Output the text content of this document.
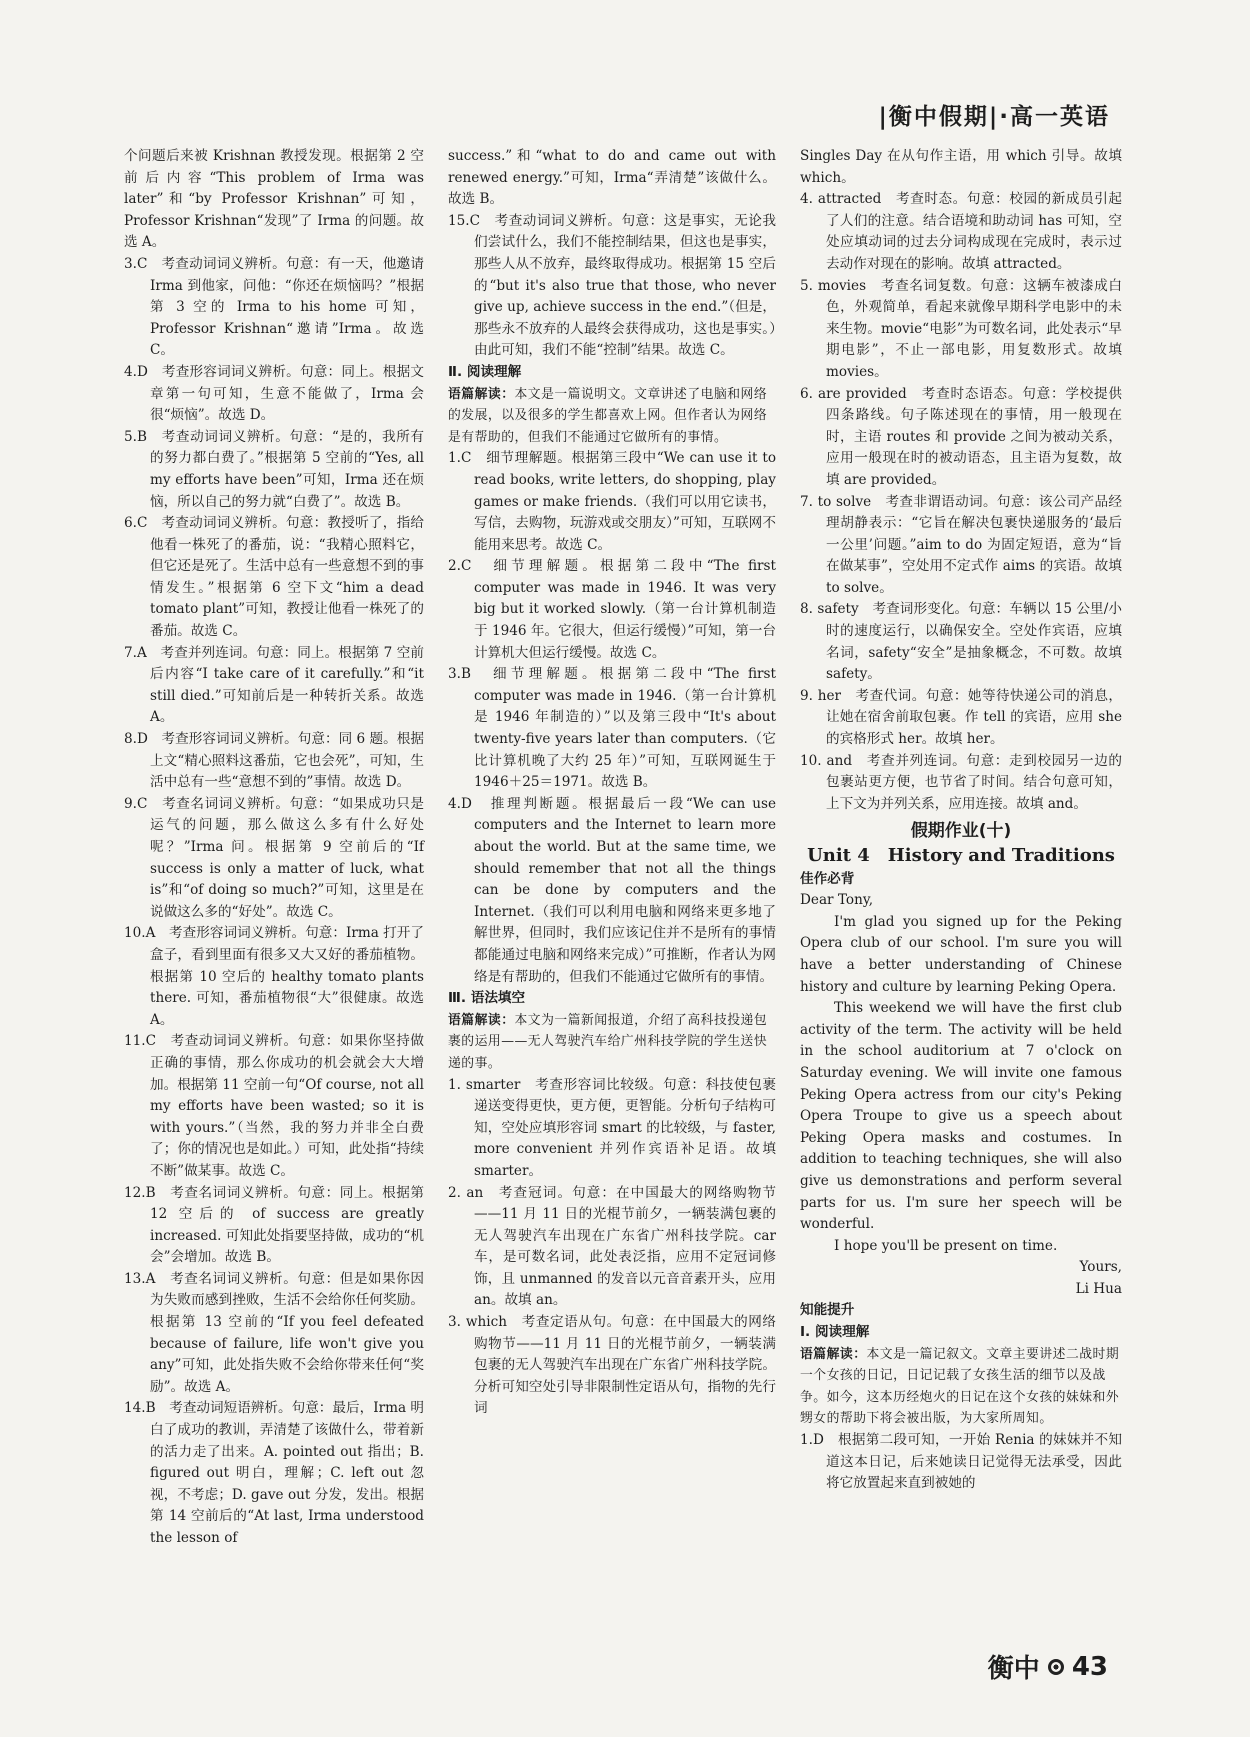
|衡中假期|·高一英语
个问题后来被 Krishnan 教授发现。根据第 2 空前后内容“This problem of Irma was later”和“by Professor Krishnan”可知，Professor Krishnan“发现”了 Irma 的问题。故选 A。
3.C　考查动词词义辨析。句意：有一天，他邀请 Irma 到他家，问他：“你还在烦恼吗？”根据第 3 空的 Irma to his home 可知，Professor Krishnan“邀请”Irma。故选 C。
4.D　考查形容词词义辨析。句意：同上。根据文章第一句可知，生意不能做了，Irma 会很“烦恼”。故选 D。
5.B　考查动词词义辨析。句意：“是的，我所有的努力都白费了。”根据第 5 空前的“Yes, all my efforts have been”可知，Irma 还在烦恼，所以自己的努力就“白费了”。故选 B。
6.C　考查动词词义辨析。句意：教授听了，指给他看一株死了的番茄，说：“我精心照料它，但它还是死了。生活中总有一些意想不到的事情发生。”根据第 6 空下文“him a dead tomato plant”可知，教授让他看一株死了的番茄。故选 C。
7.A　考查并列连词。句意：同上。根据第 7 空前后内容“I take care of it carefully.”和“it still died.”可知前后是一种转折关系。故选 A。
8.D　考查形容词词义辨析。句意：同 6 题。根据上文“精心照料这番茄，它也会死”，可知，生活中总有一些“意想不到的”事情。故选 D。
9.C　考查名词词义辨析。句意：“如果成功只是运气的问题，那么做这么多有什么好处呢？”Irma 问。根据第 9 空前后的“If success is only a matter of luck, what is”和“of doing so much?”可知，这里是在说做这么多的“好处”。故选 C。
10.A　考查形容词词义辨析。句意：Irma 打开了盒子，看到里面有很多又大又好的番茄植物。根据第 10 空后的 healthy tomato plants there. 可知，番茄植物很“大”很健康。故选 A。
11.C　考查动词词义辨析。句意：如果你坚持做正确的事情，那么你成功的机会就会大大增加。根据第 11 空前一句“Of course, not all my efforts have been wasted; so it is with yours.”（当然，我的努力并非全白费了；你的情况也是如此。）可知，此处指“持续不断”做某事。故选 C。
12.B　考查名词词义辨析。句意：同上。根据第 12 空后的 of success are greatly increased. 可知此处指要坚持做，成功的“机会”会增加。故选 B。
13.A　考查名词词义辨析。句意：但是如果你因为失败而感到挫败，生活不会给你任何奖励。根据第 13 空前的“If you feel defeated because of failure, life won't give you any”可知，此处指失败不会给你带来任何“奖励”。故选 A。
14.B　考查动词短语辨析。句意：最后，Irma 明白了成功的教训，弄清楚了该做什么，带着新的活力走了出来。A. pointed out 指出；B. figured out 明白，理解；C. left out 忽视，不考虑；D. gave out 分发，发出。根据第 14 空前后的“At last, Irma understood the lesson of
success.”和“what to do and came out with renewed energy.”可知，Irma“弄清楚”该做什么。故选 B。
15.C　考查动词词义辨析。句意：这是事实，无论我们尝试什么，我们不能控制结果，但这也是事实，那些人从不放弃，最终取得成功。根据第 15 空后的“but it's also true that those, who never give up, achieve success in the end.”（但是，那些永不放弃的人最终会获得成功，这也是事实。）由此可知，我们不能“控制”结果。故选 C。
Ⅱ. 阅读理解
语篇解读：本文是一篇说明文。文章讲述了电脑和网络的发展，以及很多的学生都喜欢上网。但作者认为网络是有帮助的，但我们不能通过它做所有的事情。
1.C　细节理解题。根据第三段中“We can use it to read books, write letters, do shopping, play games or make friends.（我们可以用它读书，写信，去购物，玩游戏或交朋友）”可知，互联网不能用来思考。故选 C。
2.C　细节理解题。根据第二段中“The first computer was made in 1946. It was very big but it worked slowly.（第一台计算机制造于 1946 年。它很大，但运行缓慢）”可知，第一台计算机大但运行缓慢。故选 C。
3.B　细节理解题。根据第二段中“The first computer was made in 1946.（第一台计算机是 1946 年制造的）”以及第三段中“It's about twenty-five years later than computers.（它比计算机晚了大约 25 年）”可知，互联网诞生于 1946＋25＝1971。故选 B。
4.D　推理判断题。根据最后一段“We can use computers and the Internet to learn more about the world. But at the same time, we should remember that not all the things can be done by computers and the Internet.（我们可以利用电脑和网络来更多地了解世界，但同时，我们应该记住并不是所有的事情都能通过电脑和网络来完成）”可推断，作者认为网络是有帮助的，但我们不能通过它做所有的事情。
Ⅲ. 语法填空
语篇解读：本文为一篇新闻报道，介绍了高科技投递包裹的运用——无人驾驶汽车给广州科技学院的学生送快递的事。
1. smarter　考查形容词比较级。句意：科技使包裹递送变得更快，更方便，更智能。分析句子结构可知，空处应填形容词 smart 的比较级，与 faster, more convenient 并列作宾语补足语。故填 smarter。
2. an　考查冠词。句意：在中国最大的网络购物节——11 月 11 日的光棍节前夕，一辆装满包裹的无人驾驶汽车出现在广东省广州科技学院。car 车，是可数名词，此处表泛指，应用不定冠词修饰，且 unmanned 的发音以元音音素开头，应用 an。故填 an。
3. which　考查定语从句。句意：在中国最大的网络购物节——11 月 11 日的光棍节前夕，一辆装满包裹的无人驾驶汽车出现在广东省广州科技学院。分析可知空处引导非限制性定语从句，指物的先行词
Singles Day 在从句作主语，用 which 引导。故填 which。
4. attracted　考查时态。句意：校园的新成员引起了人们的注意。结合语境和助动词 has 可知，空处应填动词的过去分词构成现在完成时，表示过去动作对现在的影响。故填 attracted。
5. movies　考查名词复数。句意：这辆车被漆成白色，外观简单，看起来就像早期科学电影中的未来生物。movie“电影”为可数名词，此处表示“早期电影”，不止一部电影，用复数形式。故填 movies。
6. are provided　考查时态语态。句意：学校提供四条路线。句子陈述现在的事情，用一般现在时，主语 routes 和 provide 之间为被动关系，应用一般现在时的被动语态，且主语为复数，故填 are provided。
7. to solve　考查非谓语动词。句意：该公司产品经理胡静表示：“它旨在解决包裹快递服务的‘最后一公里’问题。”aim to do 为固定短语，意为“旨在做某事”，空处用不定式作 aims 的宾语。故填 to solve。
8. safety　考查词形变化。句意：车辆以 15 公里/小时的速度运行，以确保安全。空处作宾语，应填名词，safety“安全”是抽象概念，不可数。故填 safety。
9. her　考查代词。句意：她等待快递公司的消息，让她在宿舍前取包裹。作 tell 的宾语，应用 she 的宾格形式 her。故填 her。
10. and　考查并列连词。句意：走到校园另一边的包裹站更方便，也节省了时间。结合句意可知，上下文为并列关系，应用连接。故填 and。
假期作业(十)
Unit 4　History and Traditions
佳作必背

Dear Tony,

I'm glad you signed up for the Peking Opera club of our school. I'm sure you will have a better understanding of Chinese history and culture by learning Peking Opera.

This weekend we will have the first club activity of the term. The activity will be held in the school auditorium at 7 o'clock on Saturday evening. We will invite one famous Peking Opera actress from our city's Peking Opera Troupe to give us a speech about Peking Opera masks and costumes. In addition to teaching techniques, she will also give us demonstrations and perform several parts for us. I'm sure her speech will be wonderful.

I hope you'll be present on time.

Yours,

Li Hua

知能提升
Ⅰ. 阅读理解
语篇解读：本文是一篇记叙文。文章主要讲述二战时期一个女孩的日记，日记记载了女孩生活的细节以及战争。如今，这本历经炮火的日记在这个女孩的妹妹和外甥女的帮助下将会被出版，为大家所周知。
1.D　根据第二段可知，一开始 Renia 的妹妹并不知道这本日记，后来她读日记觉得无法承受，因此将它放置起来直到被她的
衡中 43
